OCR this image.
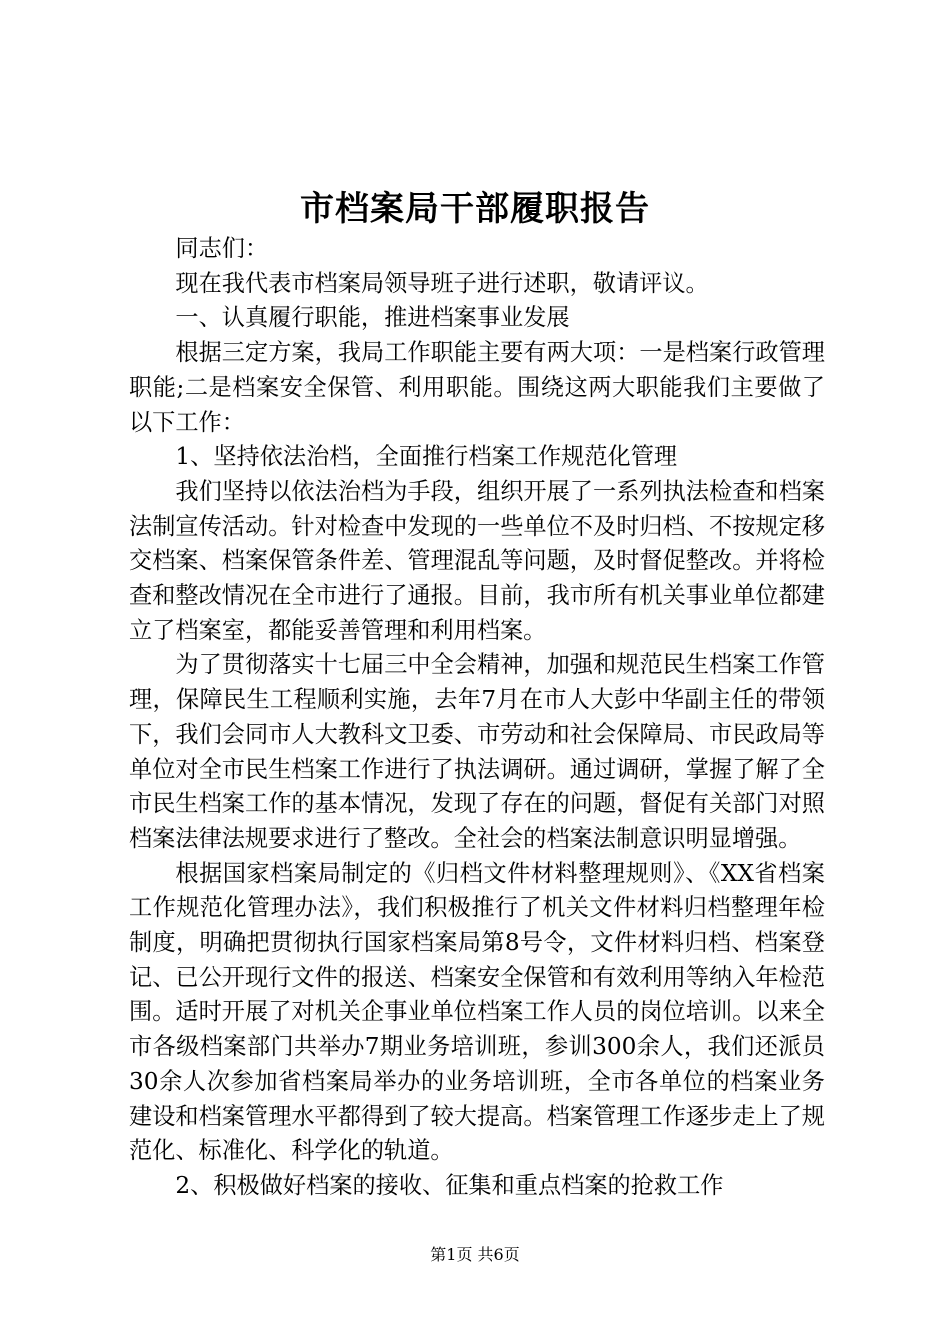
市档案局干部履职报告

同志们：

现在我代表市档案局领导班子进行述职，敬请评议。

一、认真履行职能，推进档案事业发展

根据三定方案，我局工作职能主要有两大项：一是档案行政管理职能;二是档案安全保管、利用职能。围绕这两大职能我们主要做了以下工作：

1、坚持依法治档，全面推行档案工作规范化管理

我们坚持以依法治档为手段，组织开展了一系列执法检查和档案法制宣传活动。针对检查中发现的一些单位不及时归档、不按规定移交档案、档案保管条件差、管理混乱等问题，及时督促整改。并将检查和整改情况在全市进行了通报。目前，我市所有机关事业单位都建立了档案室，都能妥善管理和利用档案。

为了贯彻落实十七届三中全会精神，加强和规范民生档案工作管理，保障民生工程顺利实施，去年7月在市人大彭中华副主任的带领下，我们会同市人大教科文卫委、市劳动和社会保障局、市民政局等单位对全市民生档案工作进行了执法调研。通过调研，掌握了解了全市民生档案工作的基本情况，发现了存在的问题，督促有关部门对照档案法律法规要求进行了整改。全社会的档案法制意识明显增强。

根据国家档案局制定的《归档文件材料整理规则》、《XX省档案工作规范化管理办法》，我们积极推行了机关文件材料归档整理年检制度，明确把贯彻执行国家档案局第8号令，文件材料归档、档案登记、已公开现行文件的报送、档案安全保管和有效利用等纳入年检范围。适时开展了对机关企事业单位档案工作人员的岗位培训。以来全市各级档案部门共举办7期业务培训班，参训300余人，我们还派员30余人次参加省档案局举办的业务培训班，全市各单位的档案业务建设和档案管理水平都得到了较大提高。档案管理工作逐步走上了规范化、标准化、科学化的轨道。

2、积极做好档案的接收、征集和重点档案的抢救工作

第1页 共6页
